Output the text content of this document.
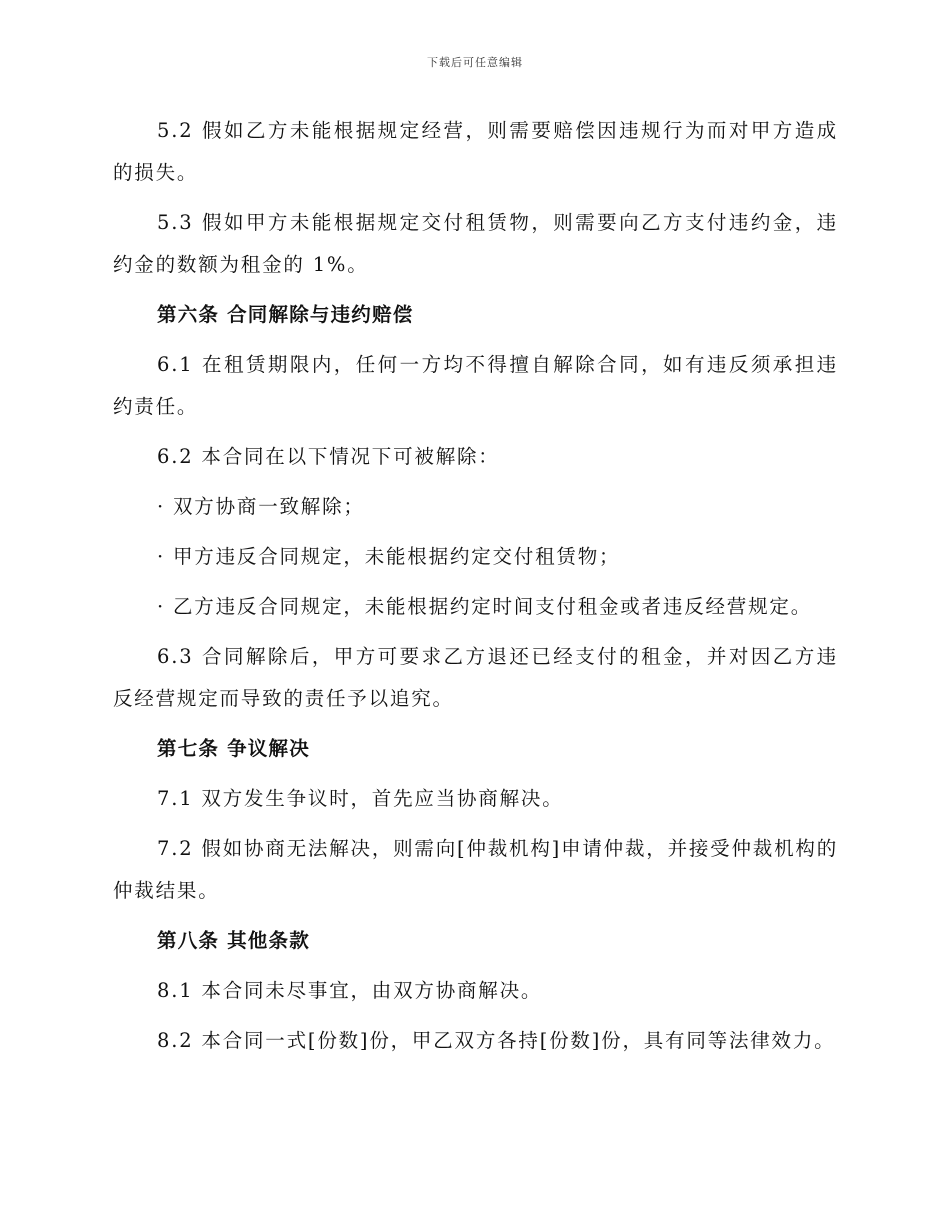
下载后可任意编辑

5.2 假如乙方未能根据规定经营，则需要赔偿因违规行为而对甲方造成的损失。

5.3 假如甲方未能根据规定交付租赁物，则需要向乙方支付违约金，违约金的数额为租金的 1%。

第六条 合同解除与违约赔偿

6.1 在租赁期限内，任何一方均不得擅自解除合同，如有违反须承担违约责任。

6.2 本合同在以下情况下可被解除：

· 双方协商一致解除；

· 甲方违反合同规定，未能根据约定交付租赁物；

· 乙方违反合同规定，未能根据约定时间支付租金或者违反经营规定。

6.3 合同解除后，甲方可要求乙方退还已经支付的租金，并对因乙方违反经营规定而导致的责任予以追究。

第七条 争议解决

7.1 双方发生争议时，首先应当协商解决。

7.2 假如协商无法解决，则需向[仲裁机构]申请仲裁，并接受仲裁机构的仲裁结果。

第八条 其他条款

8.1 本合同未尽事宜，由双方协商解决。

8.2 本合同一式[份数]份，甲乙双方各持[份数]份，具有同等法律效力。
